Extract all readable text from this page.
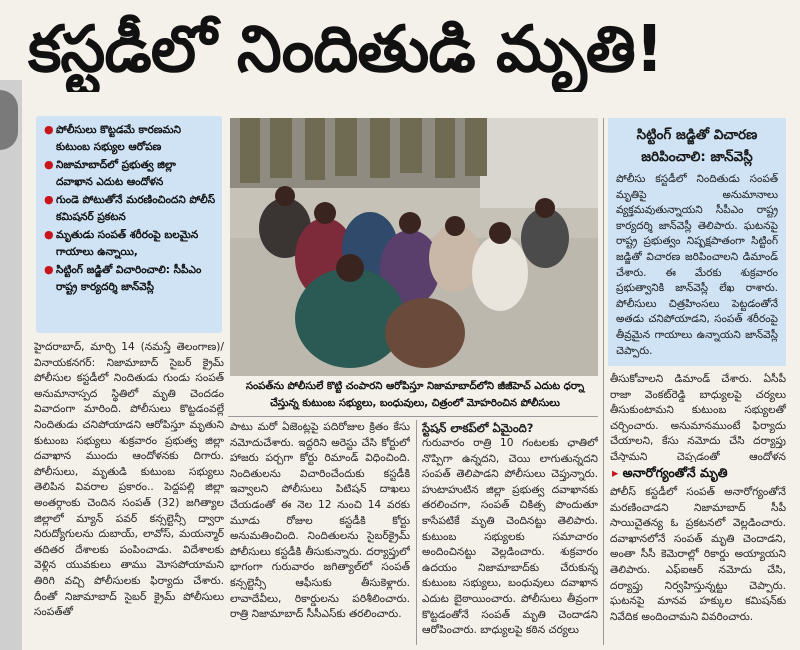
కస్టడీలో నిందితుడి మృతి!
● పోలీసులు కొట్టడమే కారణమని కుటుంబ సభ్యుల ఆరోపణ
● నిజామాబాద్‌లో ప్రభుత్వ జిల్లా దవాఖాన ఎదుట ఆందోళన
● గుండె పోటుతోనే మరణించిందని పోలీస్ కమిషనర్ ప్రకటన
● మృతుడు సంపత్ శరీరంపై బలమైన గాయాలు ఉన్నాయి,
● సిట్టింగ్ జడ్జితో విచారించాలి: సీపీఎం రాష్ట్ర కార్యదర్శి జాన్‌వెస్లీ
హైదరాబాద్, మార్చి 14 (నమస్తే తెలంగాణ)/వినాయకనగర్: నిజామాబాద్ సైబర్ క్రైమ్ పోలీసుల కస్టడీలో నిందితుడు గుండు సంపత్ అనుమానాస్పద స్థితిలో మృతి చెందడం వివాదంగా మారింది. పోలీసులు కొట్టడంవల్లే నిందితుడు చనిపోయాడని ఆరోపిస్తూ మృతుని కుటుంబ సభ్యులు శుక్రవారం ప్రభుత్వ జిల్లా దవాఖాన ముందు ఆందోళనకు దిగారు. పోలీసులు, మృతుడి కుటుంబ సభ్యులు తెలిపిన వివరాల ప్రకారం.. పెద్దపల్లి జిల్లా అంతర్గాంకు చెందిన సంపత్ (32) జగిత్యాల జిల్లాలో మ్యాన్ పవర్ కన్సల్టెన్సీ ద్వారా నిరుద్యోగులను దుబాయ్, లావోస్, మయన్మార్ తదితర దేశాలకు పంపించాడు. విదేశాలకు వెళ్లిన యువకులు తాము మోసపోయామని తిరిగి వచ్చి పోలీసులకు ఫిర్యాదు చేశారు. దీంతో నిజామాబాద్ సైబర్ క్రైమ్ పోలీసులు సంపత్‌తో
సంపత్‌ను పోలీసులే కొట్టి చంపారని ఆరోపిస్తూ నిజామాబాద్‌లోని జీజీహెచ్ ఎదుట ధర్నా చేస్తున్న కుటుంబ సభ్యులు, బంధువులు, చిత్రంలో మోహరించిన పోలీసులు
పాటు మరో ఏజెంట్లపై పదిరోజుల క్రితం కేసు నమోదుచేశారు. ఇద్దరిని అరెస్టు చేసి కోర్టులో హాజరు పర్చగా కోర్టు రిమాండ్ విధించింది. నిందితులను విచారించేందుకు కస్టడీకి ఇవ్వాలని పోలీసులు పిటిషన్ దాఖలు చేయడంతో ఈ నెల 12 నుంచి 14 వరకు మూడు రోజుల కస్టడీకి కోర్టు అనుమతించింది. నిందితులను సైబర్‌క్రైమ్ పోలీసులు కస్టడీకి తీసుకున్నారు. దర్యాప్తులో భాగంగా గురువారం జగిత్యాల్‌లో సంపత్ కన్సల్టెన్సీ ఆఫీసుకు తీసుకెళ్లారు. లావాదేవీలు, రికార్డులను పరిశీలించారు. రాత్రి నిజామాబాద్ సీసీఎస్‌కు తరలించారు.
స్టేషన్ లాకప్‌లో ఏమైంది?
గురువారం రాత్రి 10 గంటలకు ఛాతిలో నొప్పిగా ఉన్నదని, చెయి లాగుతున్నదని సంపత్ తెలిపాడని పోలీసులు చెప్తున్నారు. హుటాహుటిన జిల్లా ప్రభుత్వ దవాఖానకు తరలించగా, సంపత్ చికిత్స పొందుతూ కాసేపటికే మృతి చెందినట్టు తెలిపారు. కుటుంబ సభ్యులకు సమాచారం అందించినట్టు వెల్లడించారు. శుక్రవారం ఉదయం నిజామాబాద్‌కు చేరుకున్న కుటుంబ సభ్యులు, బంధువులు దవాఖాన ఎదుట బైఠాయించారు. పోలీసులు తీవ్రంగా కొట్టడంతోనే సంపత్ మృతి చెందాడని ఆరోపించారు. బాధ్యులపై కఠిన చర్యలు
సిట్టింగ్ జడ్జితో విచారణ జరిపించాలి: జాన్‌వెస్లీ
పోలీసు కస్టడీలో నిందితుడు సంపత్ మృతిపై అనుమానాలు వ్యక్తమవుతున్నాయని సీపీఎం రాష్ట్ర కార్యదర్శి జాన్‌వెస్లీ తెలిపారు. ఘటనపై రాష్ట్ర ప్రభుత్వం నిష్పక్షపాతంగా సిట్టింగ్ జడ్జితో విచారణ జరిపించాలని డిమాండ్ చేశారు. ఈ మేరకు శుక్రవారం ప్రభుత్వానికి జాన్‌వెస్లీ లేఖ రాశారు. పోలీసులు చిత్రహింసలు పెట్టడంతోనే అతడు చనిపోయాడని, సంపత్ శరీరంపై తీవ్రమైన గాయాలు ఉన్నాయని జాన్‌వెస్లీ చెప్పారు.
తీసుకోవాలని డిమాండ్ చేశారు. ఏసీపీ రాజా వెంకట్‌రెడ్డి బాధ్యులపై చర్యలు తీసుకుంటామని కుటుంబ సభ్యులతో చర్చించారు. అనుమానముంటే ఫిర్యాదు చేయాలని, కేసు నమోదు చేసి దర్యాప్తు చేస్తామని చెప్పడంతో ఆందోళన
▸ అనారోగ్యంతోనే మృతి
పోలీస్ కస్టడీలో సంపత్ అనారోగ్యంతోనే మరణించాడని నిజామాబాద్ సీపీ సాయిచైతన్య ఓ ప్రకటనలో వెల్లడించారు. దవాఖానలోనే సంపత్ మృతి చెందాడని, అంతా సీసీ కెమెరాల్లో రికార్డు అయ్యాయని తెలిపారు. ఎఫ్‌ఐఆర్ నమోదు చేసి, దర్యాప్తు నిర్వహిస్తున్నట్టు చెప్పారు. ఘటనపై మానవ హక్కుల కమిషన్‌కు నివేదిక అందించామని వివరించారు.
